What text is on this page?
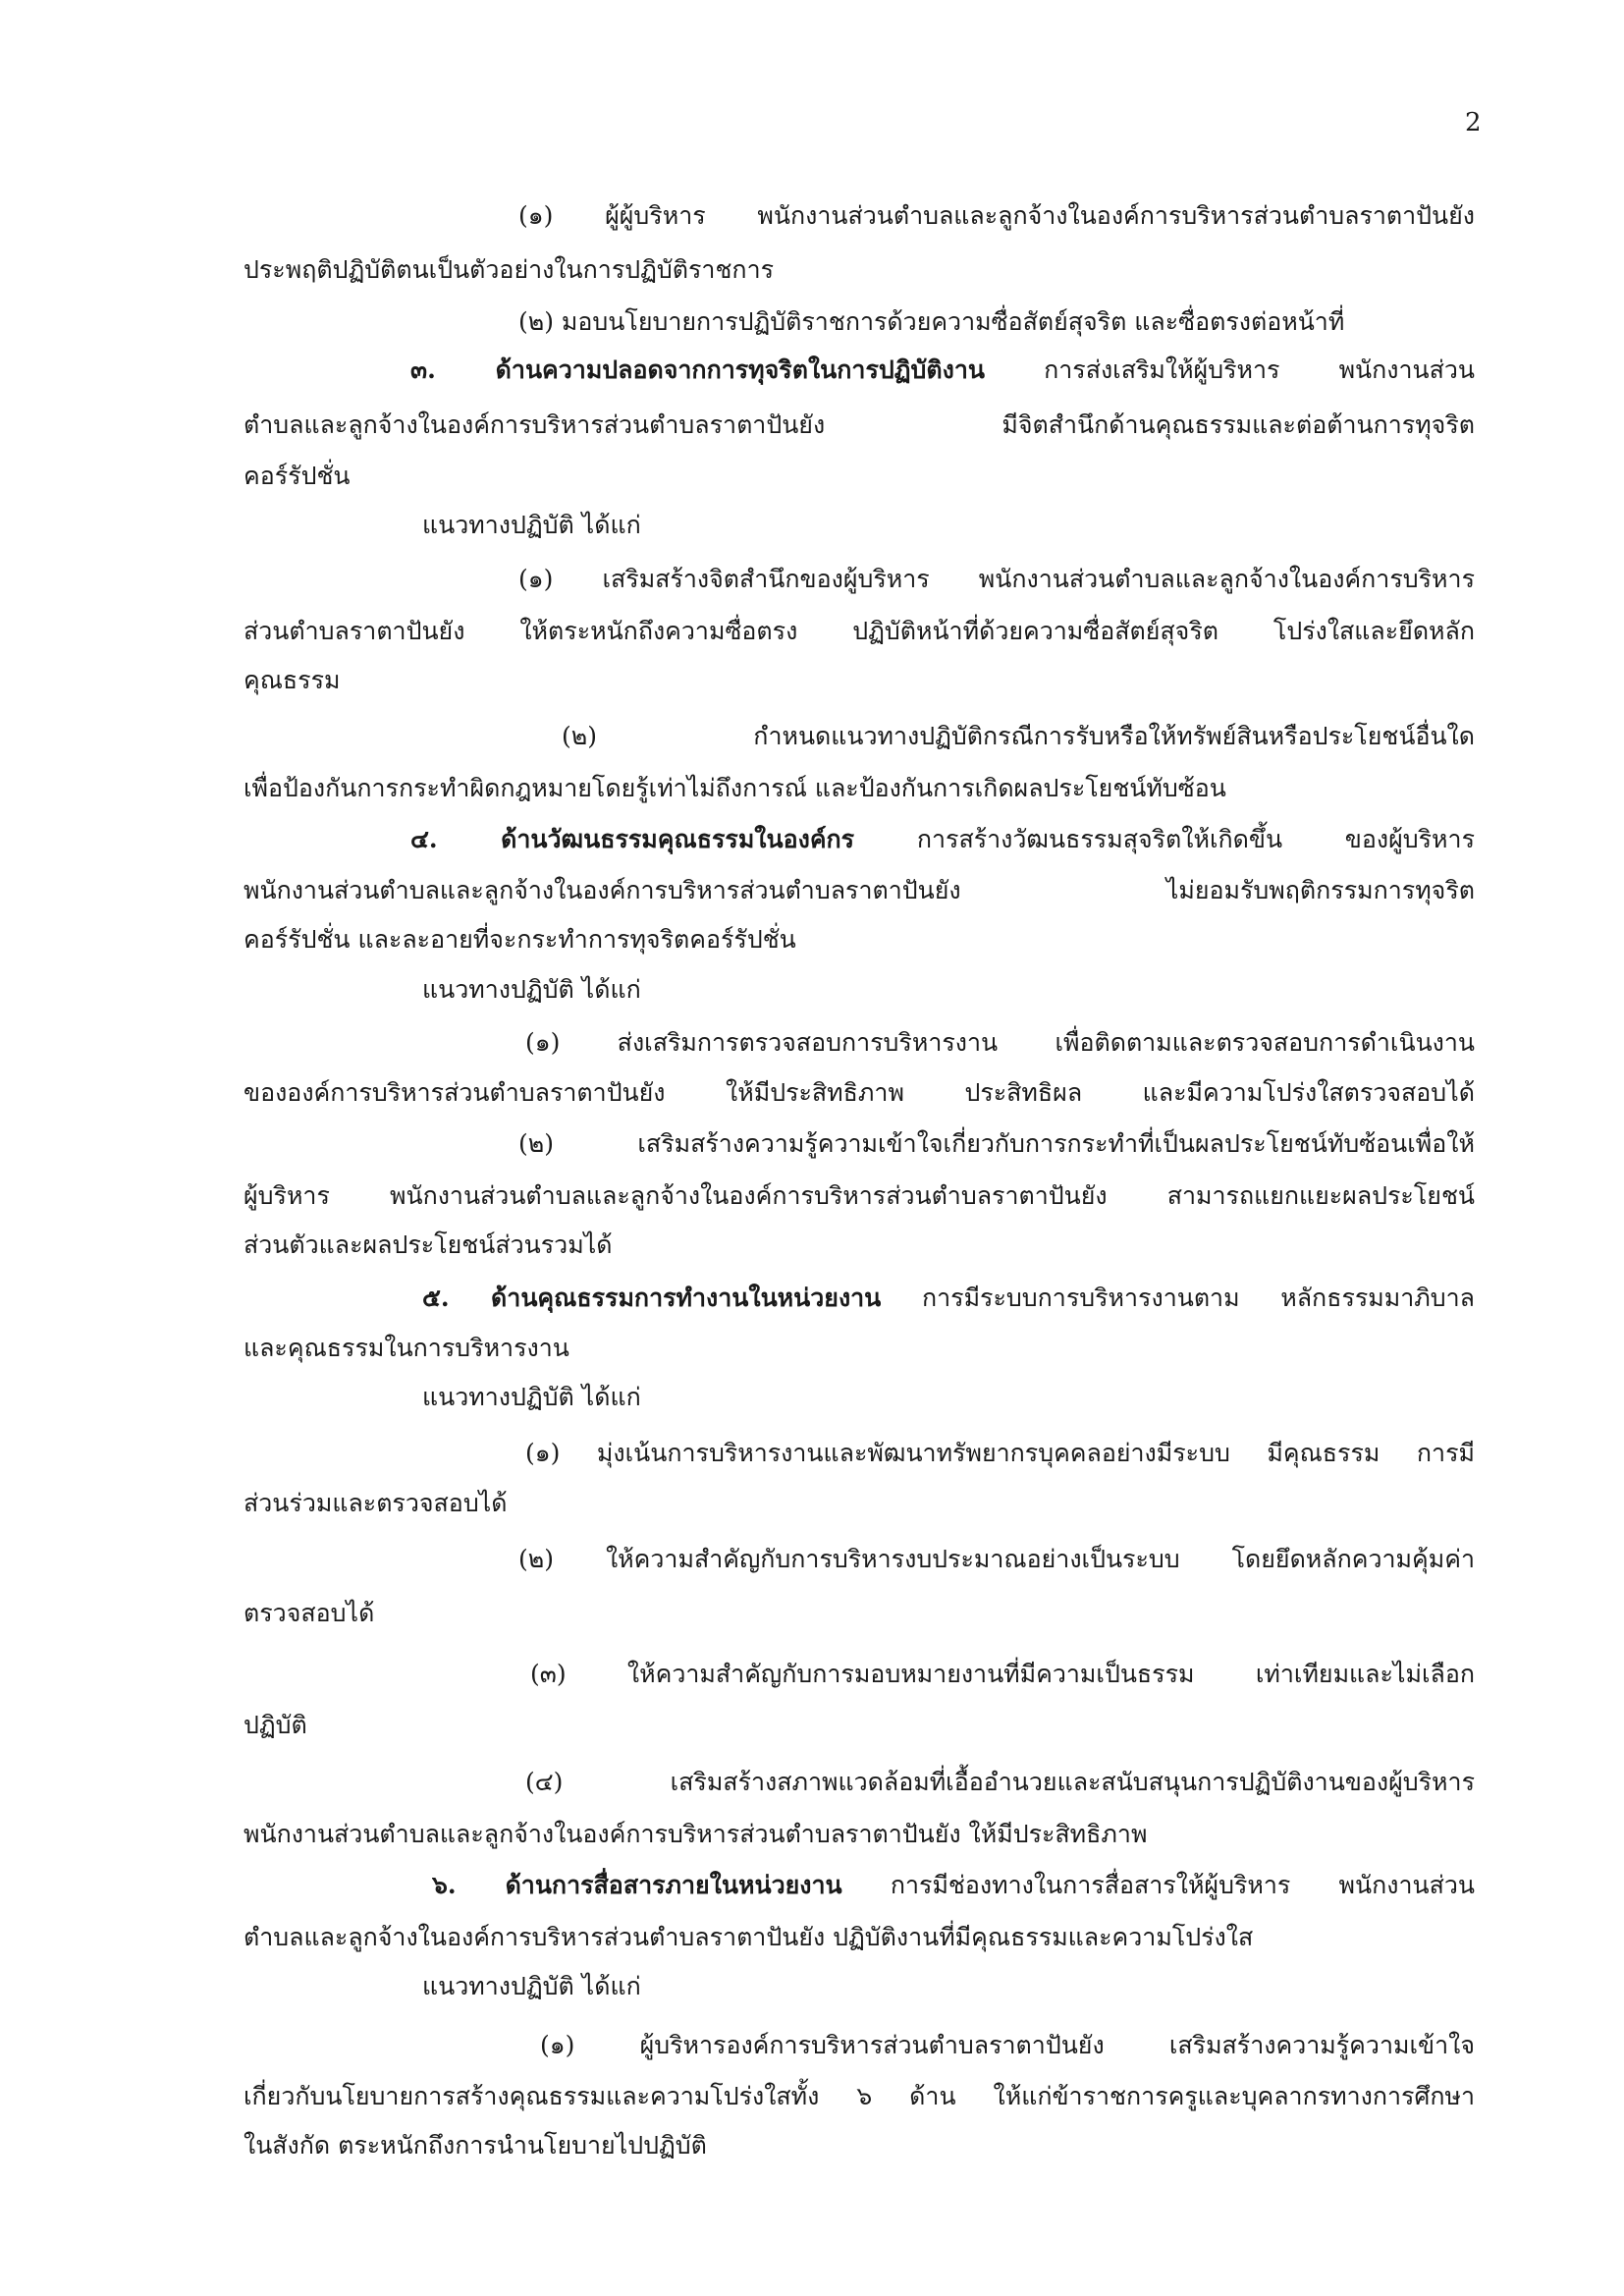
2
(๑) ผู้ผู้บริหาร พนักงานส่วนตำบลและลูกจ้างในองค์การบริหารส่วนตำบลราตาปันยัง
ประพฤติปฏิบัติตนเป็นตัวอย่างในการปฏิบัติราชการ
(๒) มอบนโยบายการปฏิบัติราชการด้วยความซื่อสัตย์สุจริต และซื่อตรงต่อหน้าที่
๓. ด้านความปลอดจากการทุจริตในการปฏิบัติงาน การส่งเสริมให้ผู้บริหาร พนักงานส่วน
ตำบลและลูกจ้างในองค์การบริหารส่วนตำบลราตาปันยัง มีจิตสำนึกด้านคุณธรรมและต่อต้านการทุจริต
คอร์รัปชั่น
แนวทางปฏิบัติ ได้แก่
(๑) เสริมสร้างจิตสำนึกของผู้บริหาร พนักงานส่วนตำบลและลูกจ้างในองค์การบริหาร
ส่วนตำบลราตาปันยัง ให้ตระหนักถึงความซื่อตรง ปฏิบัติหน้าที่ด้วยความซื่อสัตย์สุจริต โปร่งใสและยึดหลัก
คุณธรรม
(๒) กำหนดแนวทางปฏิบัติกรณีการรับหรือให้ทรัพย์สินหรือประโยชน์อื่นใด
เพื่อป้องกันการกระทำผิดกฎหมายโดยรู้เท่าไม่ถึงการณ์ และป้องกันการเกิดผลประโยชน์ทับซ้อน
๔. ด้านวัฒนธรรมคุณธรรมในองค์กร	การสร้างวัฒนธรรมสุจริตให้เกิดขึ้น ของผู้บริหาร
พนักงานส่วนตำบลและลูกจ้างในองค์การบริหารส่วนตำบลราตาปันยัง ไม่ยอมรับพฤติกรรมการทุจริต
คอร์รัปชั่น และละอายที่จะกระทำการทุจริตคอร์รัปชั่น
แนวทางปฏิบัติ ได้แก่
(๑) ส่งเสริมการตรวจสอบการบริหารงาน เพื่อติดตามและตรวจสอบการดำเนินงาน
ขององค์การบริหารส่วนตำบลราตาปันยัง ให้มีประสิทธิภาพ ประสิทธิผล และมีความโปร่งใสตรวจสอบได้
(๒) เสริมสร้างความรู้ความเข้าใจเกี่ยวกับการกระทำที่เป็นผลประโยชน์ทับซ้อนเพื่อให้
ผู้บริหาร พนักงานส่วนตำบลและลูกจ้างในองค์การบริหารส่วนตำบลราตาปันยัง สามารถแยกแยะผลประโยชน์
ส่วนตัวและผลประโยชน์ส่วนรวมได้
๕. ด้านคุณธรรมการทำงานในหน่วยงาน การมีระบบการบริหารงานตาม หลักธรรมมาภิบาล
และคุณธรรมในการบริหารงาน
แนวทางปฏิบัติ ได้แก่
(๑) มุ่งเน้นการบริหารงานและพัฒนาทรัพยากรบุคคลอย่างมีระบบ มีคุณธรรม การมี
ส่วนร่วมและตรวจสอบได้
(๒) ให้ความสำคัญกับการบริหารงบประมาณอย่างเป็นระบบ โดยยึดหลักความคุ้มค่า
ตรวจสอบได้
(๓) ให้ความสำคัญกับการมอบหมายงานที่มีความเป็นธรรม เท่าเทียมและไม่เลือก
ปฏิบัติ
(๔) เสริมสร้างสภาพแวดล้อมที่เอื้ออำนวยและสนับสนุนการปฏิบัติงานของผู้บริหาร
พนักงานส่วนตำบลและลูกจ้างในองค์การบริหารส่วนตำบลราตาปันยัง ให้มีประสิทธิภาพ
๖. ด้านการสื่อสารภายในหน่วยงาน การมีช่องทางในการสื่อสารให้ผู้บริหาร พนักงานส่วน
ตำบลและลูกจ้างในองค์การบริหารส่วนตำบลราตาปันยัง ปฏิบัติงานที่มีคุณธรรมและความโปร่งใส
แนวทางปฏิบัติ ได้แก่
(๑) ผู้บริหารองค์การบริหารส่วนตำบลราตาปันยัง เสริมสร้างความรู้ความเข้าใจ
เกี่ยวกับนโยบายการสร้างคุณธรรมและความโปร่งใสทั้ง ๖ ด้าน ให้แก่ข้าราชการครูและบุคลากรทางการศึกษา
ในสังกัด ตระหนักถึงการนำนโยบายไปปฏิบัติ
